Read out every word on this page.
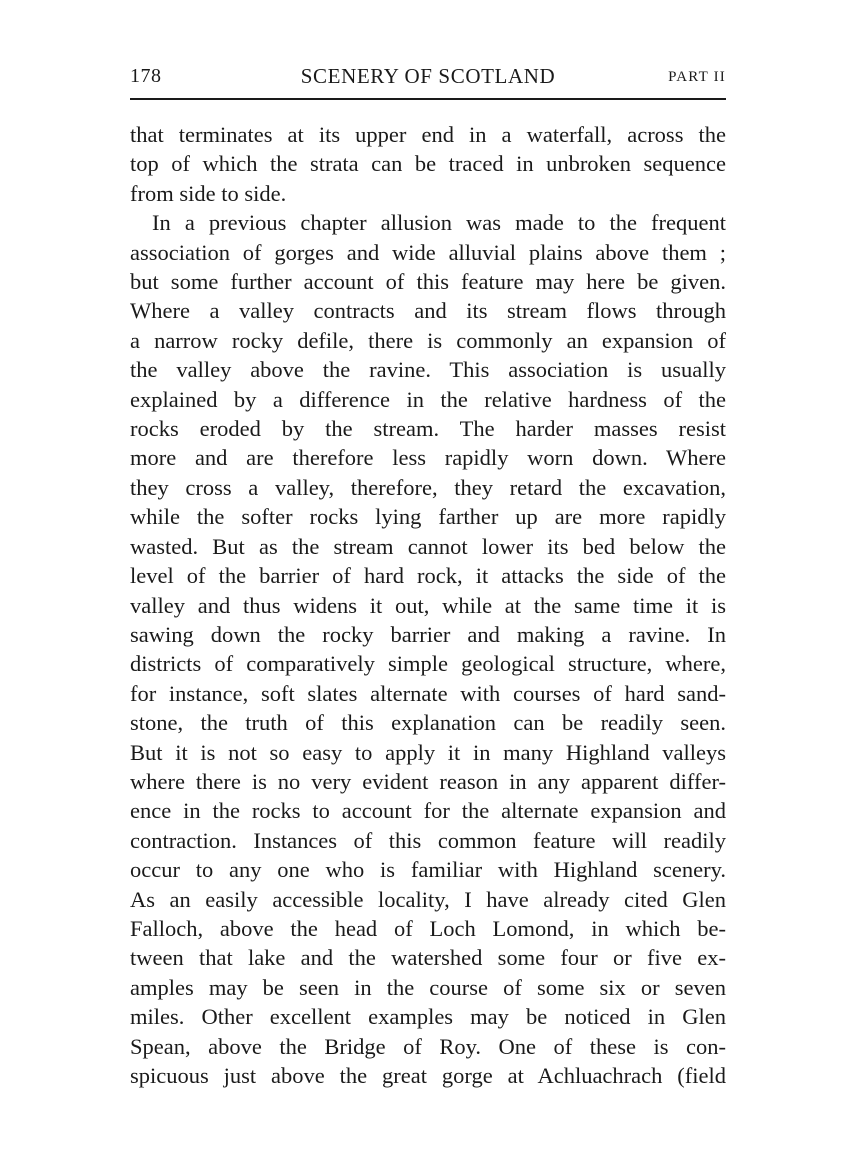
178	SCENERY OF SCOTLAND	PART II

that terminates at its upper end in a waterfall, across the
top of which the strata can be traced in unbroken sequence
from side to side.

In a previous chapter allusion was made to the frequent
association of gorges and wide alluvial plains above them ;
but some further account of this feature may here be given.
Where a valley contracts and its stream flows through
a narrow rocky defile, there is commonly an expansion of
the valley above the ravine. This association is usually
explained by a difference in the relative hardness of the
rocks eroded by the stream. The harder masses resist
more and are therefore less rapidly worn down. Where
they cross a valley, therefore, they retard the excavation,
while the softer rocks lying farther up are more rapidly
wasted. But as the stream cannot lower its bed below the
level of the barrier of hard rock, it attacks the side of the
valley and thus widens it out, while at the same time it is
sawing down the rocky barrier and making a ravine. In
districts of comparatively simple geological structure, where,
for instance, soft slates alternate with courses of hard sand-
stone, the truth of this explanation can be readily seen.
But it is not so easy to apply it in many Highland valleys
where there is no very evident reason in any apparent differ-
ence in the rocks to account for the alternate expansion and
contraction. Instances of this common feature will readily
occur to any one who is familiar with Highland scenery.
As an easily accessible locality, I have already cited Glen
Falloch, above the head of Loch Lomond, in which be-
tween that lake and the watershed some four or five ex-
amples may be seen in the course of some six or seven
miles. Other excellent examples may be noticed in Glen
Spean, above the Bridge of Roy. One of these is con-
spicuous just above the great gorge at Achluachrach (field
